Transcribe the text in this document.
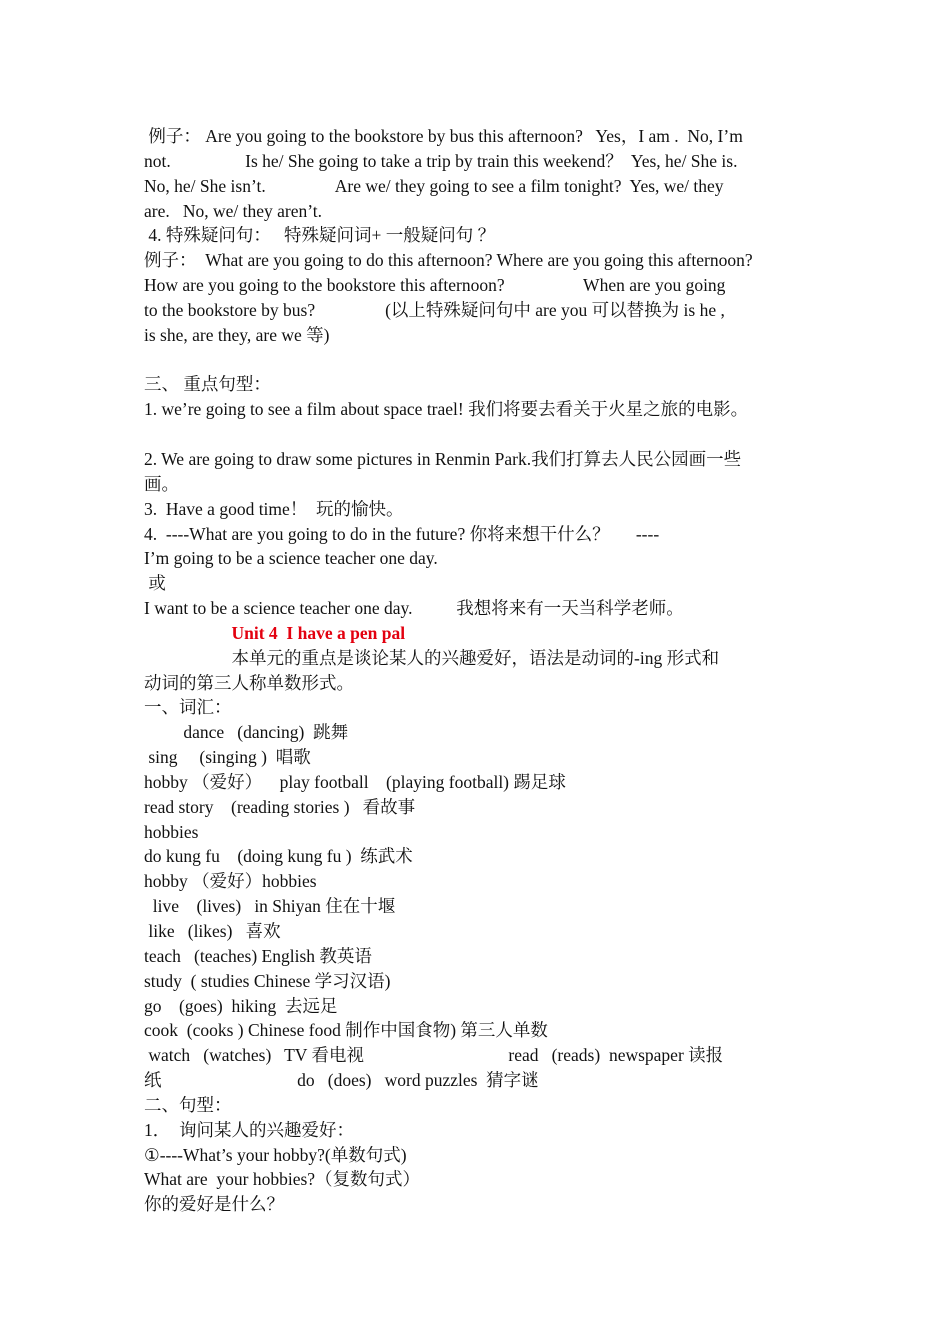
例子： Are you going to the bookstore by bus this afternoon?   Yes，I am .  No, I’m
not.                 Is he/ She going to take a trip by train this weekend？  Yes, he/ She is.
No, he/ She isn’t.                Are we/ they going to see a film tonight?  Yes, we/ they
are.   No, we/ they aren’t.
4. 特殊疑问句：   特殊疑问词+ 一般疑问句 ？
例子：  What are you going to do this afternoon? Where are you going this afternoon?
How are you going to the bookstore this afternoon?                  When are you going
to the bookstore by bus?                (以上特殊疑问句中 are you 可以替换为 is he ,
is she, are they, are we 等)
三、 重点句型：
1. we’re going to see a film about space trael! 我们将要去看关于火星之旅的电影。
2. We are going to draw some pictures in Renmin Park.我们打算去人民公园画一些
画。
3.  Have a good time！  玩的愉快。
4.  ----What are you going to do in the future? 你将来想干什么？      ----
I’m going to be a science teacher one day.
或
I want to be a science teacher one day.          我想将来有一天当科学老师。
Unit 4  I have a pen pal
本单元的重点是谈论某人的兴趣爱好，语法是动词的-ing 形式和
动词的第三人称单数形式。
一、词汇：
dance   (dancing)  跳舞
sing     (singing )  唱歌
hobby （爱好）    play football    (playing football) 踢足球
read story    (reading stories )   看故事
hobbies
do kung fu    (doing kung fu )  练武术
hobby （爱好）hobbies
live    (lives)   in Shiyan 住在十堰
like   (likes)   喜欢
teach   (teaches) English 教英语
study  ( studies Chinese 学习汉语)
go    (goes)  hiking  去远足
cook  (cooks ) Chinese food 制作中国食物) 第三人单数
watch   (watches)   TV 看电视                                 read   (reads)  newspaper 读报
纸                               do   (does)   word puzzles  猜字谜
二、句型：
1．  询问某人的兴趣爱好：
①----What’s your hobby?(单数句式)
What are  your hobbies?（复数句式）
你的爱好是什么？
